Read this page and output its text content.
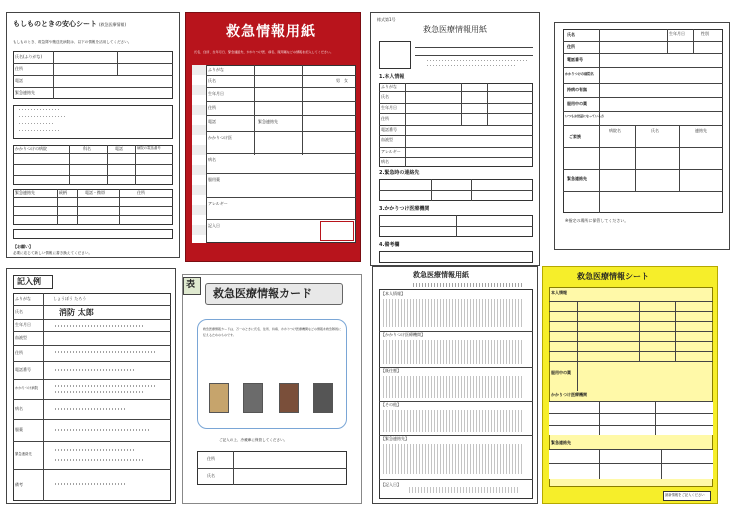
もしものときの安心シート (救急医療情報)
もしものとき、救急隊や搬送先病院は、以下の情報を活用してください。
氏名(ふりがな)
住所
電話
緊急連絡先
かかりつけの病院	科名	電話	病院の電話番号
緊急連絡先	続柄	電話・携帯	住所
【お願い】
必要に応じて新しい情報に書き換えてください。
救急情報用紙
氏名、住所、生年月日、緊急連絡先、かかりつけ医、病名、服用薬などの情報を記入してください。
ふりがな
氏名
生年月日
住所
電話	緊急連絡先
かかりつけ医
病名
服用薬
アレルギー
記入日
男 女
様式第1号
救急医療情報用紙
1.本人情報
ふりがな
氏名
生年月日
住所
電話番号
血液型
アレルギー
病名
2.緊急時の連絡先
3.かかりつけ医療機関
4.備考欄
氏名	生年月日	性別
住所
電話番号
かかりつけの病院名
持病の有無
服用中の薬
いつもお世話になっている方
ご家族
緊急連絡先
病院名	氏名	連絡先
※指定の場所に保管してください。
記入例
ふりがな
氏名
生年月日
血液型
住所
電話番号
かかりつけ病院
病名
服薬
緊急連絡先
備考
しょうぼう たろう
消防 太郎
表
救急医療情報カード
救急医療情報カードは、万一のときに氏名、住所、持病、かかりつけ医療機関などの情報を救急隊員に伝えるためのものです。
ご記入の上、冷蔵庫に保管してください。
住所
氏名
救急医療情報用紙
【本人情報】
【かかりつけ医療機関】
【既往歴】
【その他】
【緊急連絡先】
【記入日】
救急医療情報シート
本人情報
かかりつけ医療機関
緊急連絡先
服用中の薬
最新情報をご記入ください
